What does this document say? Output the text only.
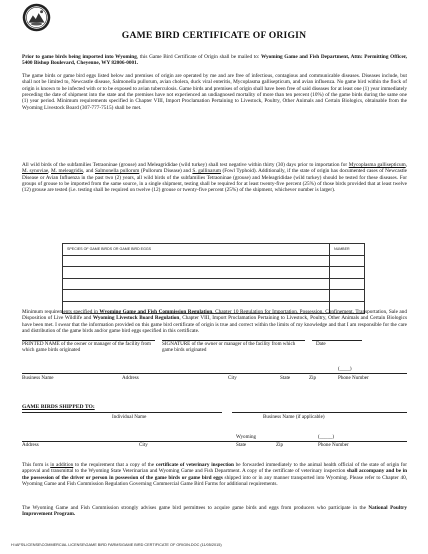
GAME BIRD CERTIFICATE OF ORIGIN

Prior to game birds being imported into Wyoming, this Game Bird Certificate of Origin shall be mailed to: Wyoming Game and Fish Department, Attn: Permitting Officer, 5400 Bishop Boulevard, Cheyenne, WY 82006-0001.

The game birds or game bird eggs listed below and premises of origin are operated by me and are free of infectious, contagious and communicable diseases. Diseases include, but shall not be limited to, Newcastle disease, Salmonella pullorum, avian cholera, duck viral enteritis, Mycoplasma gallisepticum, and avian influenza. No game bird within the flock of origin is known to be infected with or to be exposed to avian tuberculosis. Game birds and premises of origin shall have been free of said diseases for at least one (1) year immediately preceding the date of shipment into the state and the premises have not experienced an undiagnosed mortality of more than ten percent (10%) of the game birds during the same one (1) year period. Minimum requirements specified in Chapter VIII, Import Proclamation Pertaining to Livestock, Poultry, Other Animals and Certain Biologics, obtainable from the Wyoming Livestock Board (307-777-7515) shall be met.

All wild birds of the subfamilies Tetraoninae (grouse) and Meleagrididae (wild turkey) shall test negative within thirty (30) days prior to importation for Mycoplasma gallisepticum, M. synoviae, M. meleagridis, and Salmonella pullorum (Pullorum Disease) and S. gallinarum (Fowl Typhoid). Additionally, if the state of origin has documented cases of Newcastle Disease or Avian Influenza in the past two (2) years, all wild birds of the subfamilies Tetraoninae (grouse) and Meleagrididae (wild turkey) should be tested for these diseases. For groups of grouse to be imported from the same source, in a single shipment, testing shall be required for at least twenty-five percent (25%) of those birds provided that at least twelve (12) grouse are tested (i.e. testing shall be required on twelve (12) grouse or twenty-five percent (25%) of the shipment, whichever number is larger).

SPECIES OF GAME BIRDS OR GAME BIRD EGGS	NUMBER

Minimum requirements specified in Wyoming Game and Fish Commission Regulation, Chapter 10 Regulation for Importation, Possession, Confinement, Transportation, Sale and Disposition of Live Wildlife and Wyoming Livestock Board Regulation, Chapter VIII, Import Proclamation Pertaining to Livestock, Poultry, Other Animals and Certain Biologics have been met. I swear that the information provided on this game bird certificate of origin is true and correct within the limits of my knowledge and that I am responsible for the care and distribution of the game birds and/or game bird eggs specified in this certificate.

PRINTED NAME of the owner or manager of the facility from which game birds originated
SIGNATURE of the owner or manager of the facility from which game birds originated
Date
(____)
Business Name	Address	City	State	Zip	Phone Number
GAME BIRDS SHIPPED TO:
Individual Name	Business Name (if applicable)
Wyoming	(_____)
Address	City	State	Zip	Phone Number

This form is in addition to the requirement that a copy of the certificate of veterinary inspection be forwarded immediately to the animal health official of the state of origin for approval and transmittal to the Wyoming State Veterinarian and Wyoming Game and Fish Department. A copy of the certificate of veterinary inspection shall accompany and be in the possession of the driver or person in possession of the game birds or game bird eggs shipped into or in any manner transported into Wyoming. Please refer to Chapter 40, Wyoming Game and Fish Commission Regulation Governing Commercial Game Bird Farms for additional requirements.

The Wyoming Game and Fish Commission strongly advises game bird permittees to acquire game birds and eggs from producers who participate in the National Poultry Improvement Program.

H:\AFS\LICENSE\COMMERCIAL LICENSE\GAME BIRD FARMS\GAME BIRD CERTIFICATE OF ORIGIN.DOC (11/05/2015)
